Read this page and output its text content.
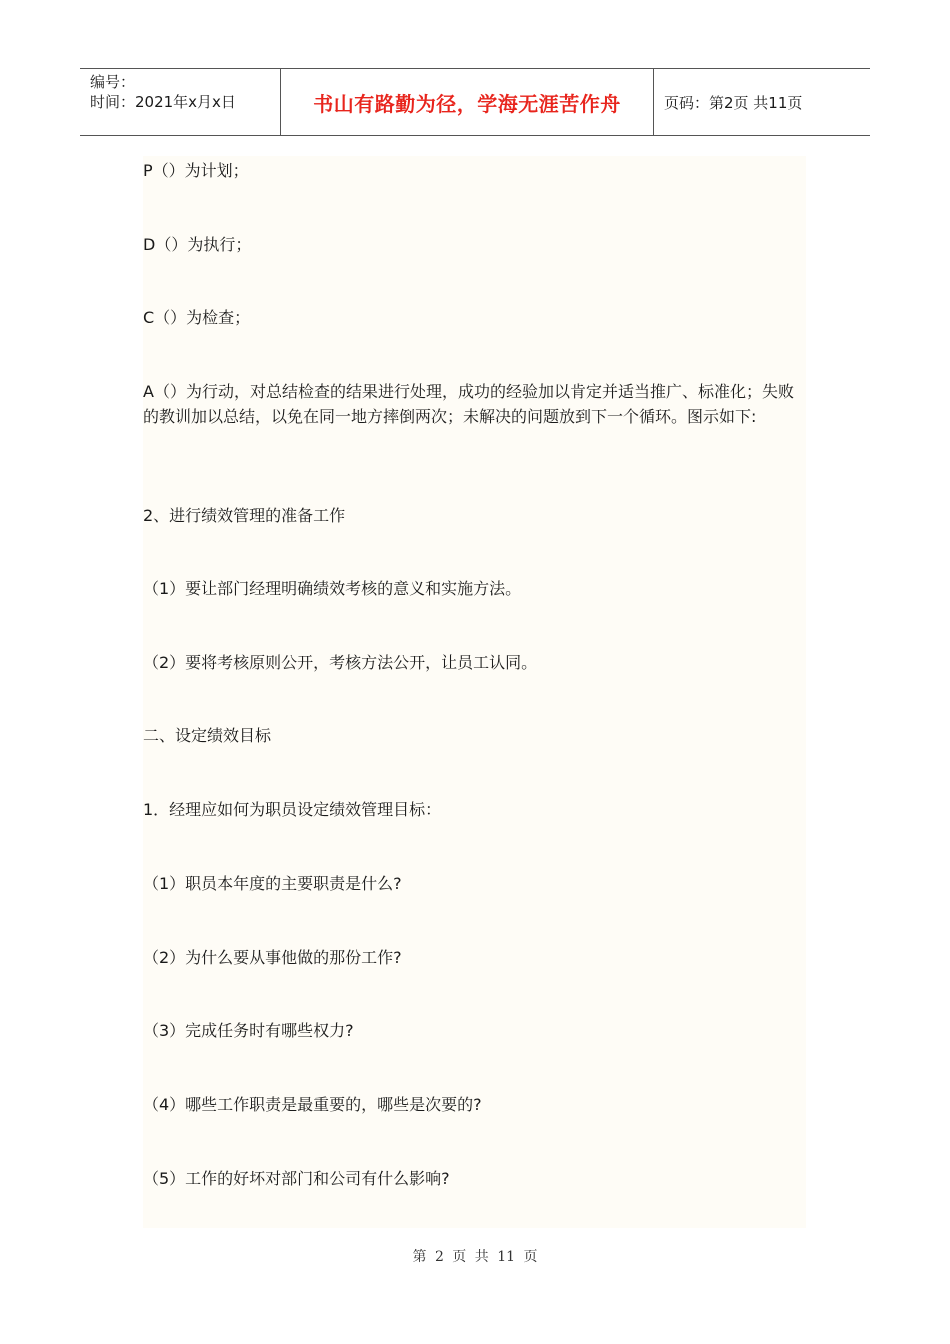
编号：
时间：2021年x月x日	书山有路勤为径，学海无涯苦作舟	页码：第2页 共11页

P（）为计划；

D（）为执行；

C（）为检查；

A（）为行动，对总结检查的结果进行处理，成功的经验加以肯定并适当推广、标准化；失败的教训加以总结，以免在同一地方摔倒两次；未解决的问题放到下一个循环。图示如下:

2、进行绩效管理的准备工作

（1）要让部门经理明确绩效考核的意义和实施方法。

（2）要将考核原则公开，考核方法公开，让员工认同。

二、设定绩效目标

1．经理应如何为职员设定绩效管理目标：

（1）职员本年度的主要职责是什么?

（2）为什么要从事他做的那份工作?

（3）完成任务时有哪些权力?

（4）哪些工作职责是最重要的，哪些是次要的?

（5）工作的好坏对部门和公司有什么影响?

第 2 页 共 11 页
